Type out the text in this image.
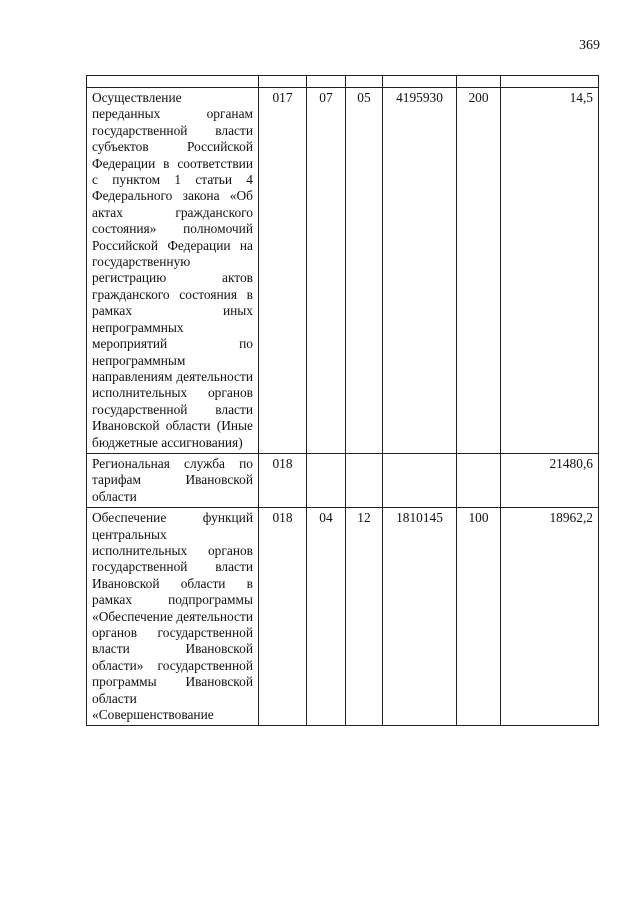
369

Осуществление переданных органам государственной власти субъектов Российской Федерации в соответствии с пунктом 1 статьи 4 Федерального закона «Об актах гражданского состояния» полномочий Российской Федерации на государственную регистрацию актов гражданского состояния в рамках иных непрограммных мероприятий по непрограммным направлениям деятельности исполнительных органов государственной власти Ивановской области (Иные бюджетные ассигнования)	017	07	05	4195930	200	14,5
Региональная служба по тарифам Ивановской области	018					21480,6
Обеспечение функций центральных исполнительных органов государственной власти Ивановской области в рамках подпрограммы «Обеспечение деятельности органов государственной власти Ивановской области» государственной программы Ивановской области «Совершенствование	018	04	12	1810145	100	18962,2
